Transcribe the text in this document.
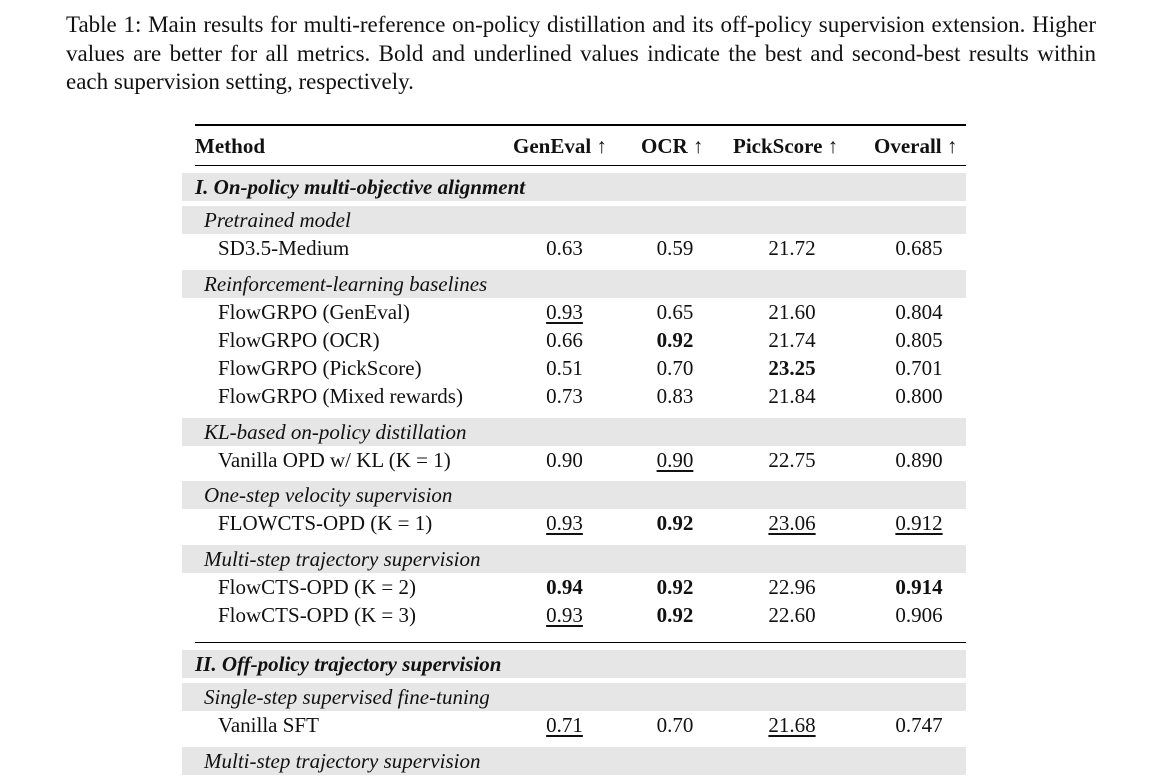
Table 1: Main results for multi-reference on-policy distillation and its off-policy supervision extension. Higher values are better for all metrics. Bold and underlined values indicate the best and second-best results within each supervision setting, respectively.
Method	GenEval ↑ OCR ↑ PickScore ↑ Overall ↑
I. On-policy multi-objective alignment
Pretrained model
SD3.5-Medium	0.63	0.59	21.72	0.685
Reinforcement-learning baselines
FlowGRPO (GenEval)	0.93	0.65	21.60	0.804
FlowGRPO (OCR)	0.66	0.92	21.74	0.805
FlowGRPO (PickScore)	0.51	0.70	23.25	0.701
FlowGRPO (Mixed rewards)	0.73	0.83	21.84	0.800
KL-based on-policy distillation
Vanilla OPD w/ KL (K = 1)	0.90	0.90	22.75	0.890
One-step velocity supervision
FLOWCTS-OPD (K = 1)	0.93	0.92	23.06	0.912
Multi-step trajectory supervision
FlowCTS-OPD (K = 2)	0.94	0.92	22.96	0.914
FlowCTS-OPD (K = 3)	0.93	0.92	22.60	0.906
II. Off-policy trajectory supervision
Single-step supervised fine-tuning
Vanilla SFT	0.71	0.70	21.68	0.747
Multi-step trajectory supervision
